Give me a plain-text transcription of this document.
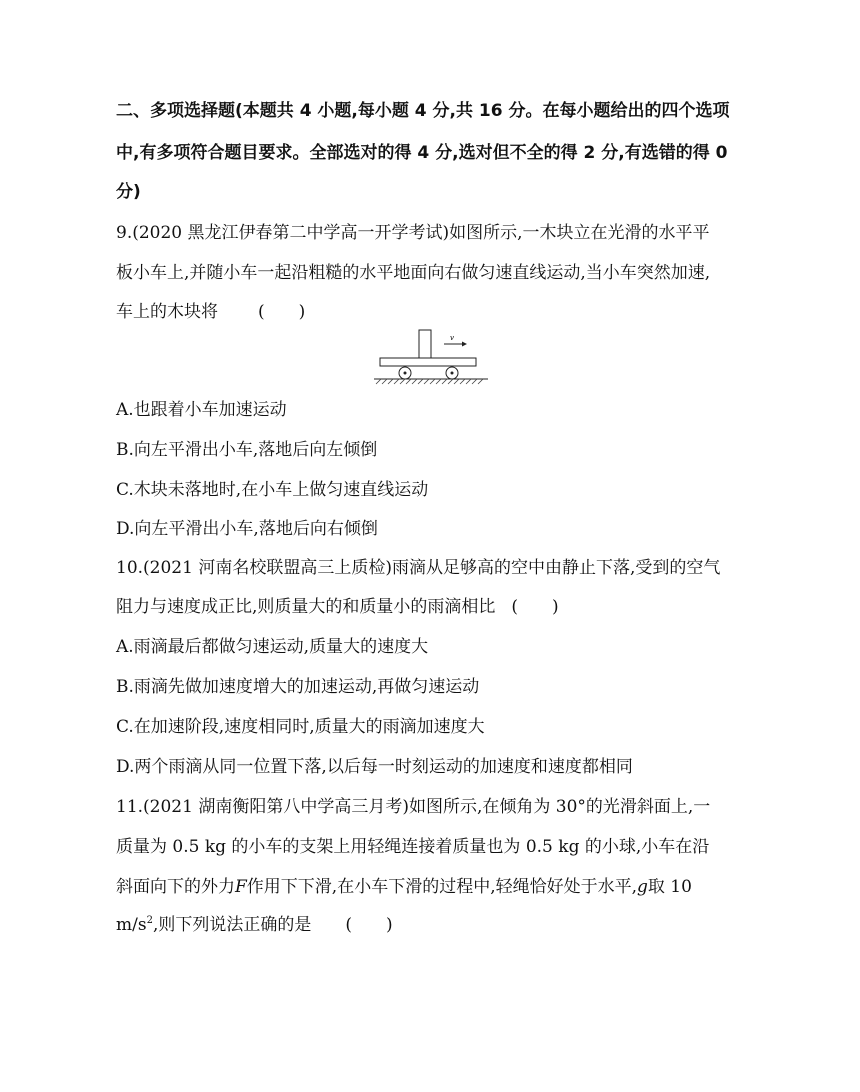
二、多项选择题(本题共 4 小题,每小题 4 分,共 16 分。在每小题给出的四个选项
中,有多项符合题目要求。全部选对的得 4 分,选对但不全的得 2 分,有选错的得 0
分)
9.(2020 黑龙江伊春第二中学高一开学考试)如图所示,一木块立在光滑的水平平
板小车上,并随小车一起沿粗糙的水平地面向右做匀速直线运动,当小车突然加速,
车上的木块将 (　　)
v
A.也跟着小车加速运动
B.向左平滑出小车,落地后向左倾倒
C.木块未落地时,在小车上做匀速直线运动
D.向左平滑出小车,落地后向右倾倒
10.(2021 河南名校联盟高三上质检)雨滴从足够高的空中由静止下落,受到的空气
阻力与速度成正比,则质量大的和质量小的雨滴相比 (　　)
A.雨滴最后都做匀速运动,质量大的速度大
B.雨滴先做加速度增大的加速运动,再做匀速运动
C.在加速阶段,速度相同时,质量大的雨滴加速度大
D.两个雨滴从同一位置下落,以后每一时刻运动的加速度和速度都相同
11.(2021 湖南衡阳第八中学高三月考)如图所示,在倾角为 30°的光滑斜面上,一
质量为 0.5 kg 的小车的支架上用轻绳连接着质量也为 0.5 kg 的小球,小车在沿
斜面向下的外力F作用下下滑,在小车下滑的过程中,轻绳恰好处于水平,g取 10
$m/s^2$,则下列说法正确的是 (　　)
